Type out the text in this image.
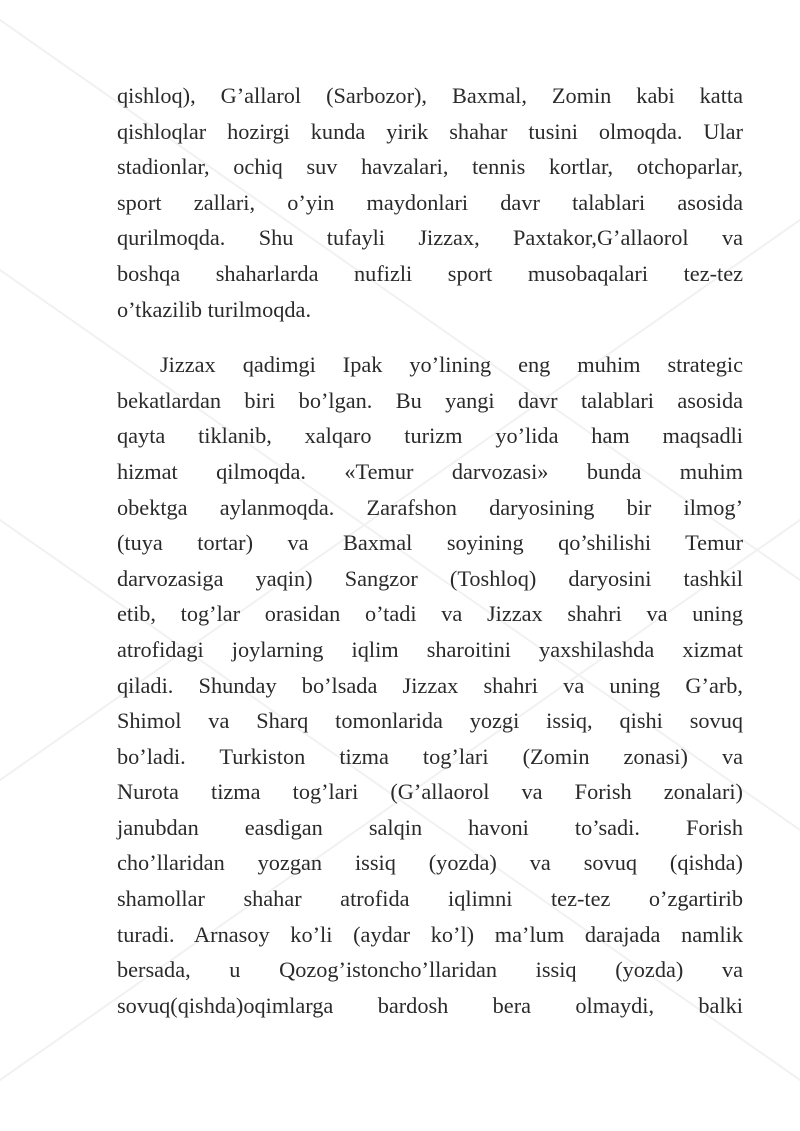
qishloq), G’allarol (Sarbozor), Baxmal, Zomin kabi katta
qishloqlar hozirgi kunda yirik shahar tusini olmoqda. Ular
stadionlar, ochiq suv havzalari, tennis kortlar, otchoparlar,
sport zallari, o’yin maydonlari davr talablari asosida
qurilmoqda. Shu tufayli Jizzax, Paxtakor,G’allaorol va
boshqa shaharlarda nufizli sport musobaqalari tez-tez
o’tkazilib turilmoqda.
Jizzax qadimgi Ipak yo’lining eng muhim strategic
bekatlardan biri bo’lgan. Bu yangi davr talablari asosida
qayta tiklanib, xalqaro turizm yo’lida ham maqsadli
hizmat qilmoqda. «Temur darvozasi» bunda muhim
obektga aylanmoqda. Zarafshon daryosining bir ilmog’
(tuya tortar) va Baxmal soyining qo’shilishi Temur
darvozasiga yaqin) Sangzor (Toshloq) daryosini tashkil
etib, tog’lar orasidan o’tadi va Jizzax shahri va uning
atrofidagi joylarning iqlim sharoitini yaxshilashda xizmat
qiladi. Shunday bo’lsada Jizzax shahri va uning G’arb,
Shimol va Sharq tomonlarida yozgi issiq, qishi sovuq
bo’ladi. Turkiston tizma tog’lari (Zomin zonasi) va
Nurota tizma tog’lari (G’allaorol va Forish zonalari)
janubdan easdigan salqin havoni to’sadi. Forish
cho’llaridan yozgan issiq (yozda) va sovuq (qishda)
shamollar shahar atrofida iqlimni tez-tez o’zgartirib
turadi. Arnasoy ko’li (aydar ko’l) ma’lum darajada namlik
bersada, u Qozog’istoncho’llaridan issiq (yozda) va
sovuq(qishda)oqimlarga bardosh bera olmaydi, balki
